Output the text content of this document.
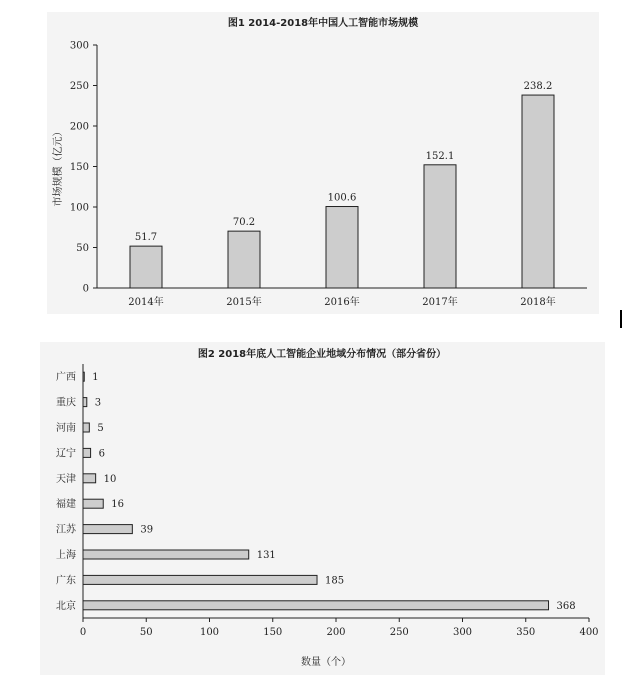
图1 2014-2018年中国人工智能市场规模
市场规模（亿元）
0
50
100
150
200
250
300
51.7
2014年
70.2
2015年
100.6
2016年
152.1
2017年
238.2
2018年
图2 2018年底人工智能企业地域分布情况（部分省份）
数量（个）
0	50	100	150	200	250	300	350	400
1
广西
3
重庆
5
河南
6
辽宁
10
天津
16
福建
39
江苏
131
上海
185
广东
368
北京
